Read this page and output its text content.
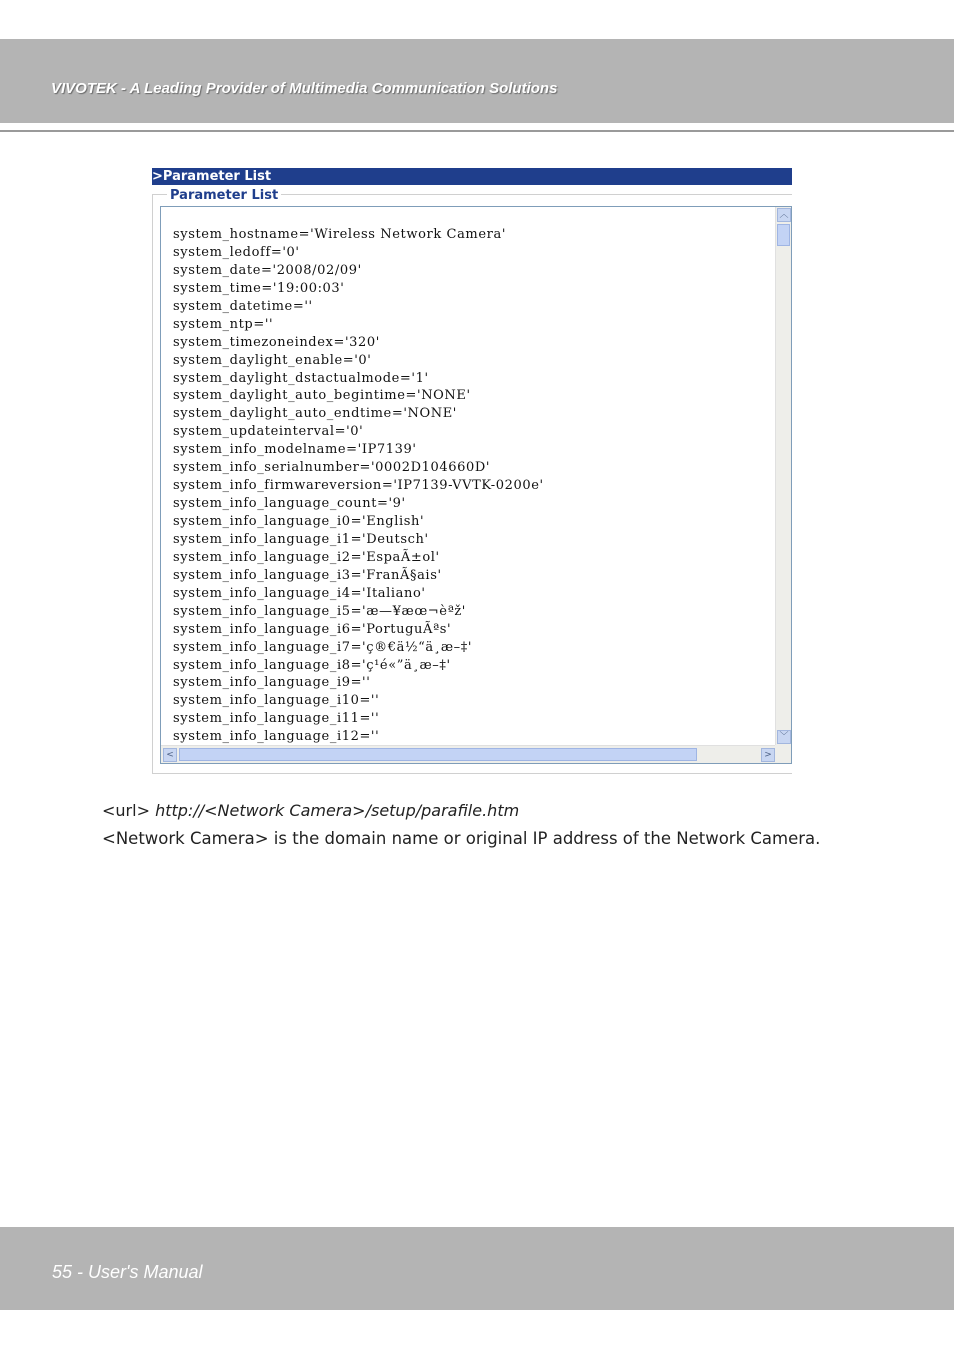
VIVOTEK - A Leading Provider of Multimedia Communication Solutions
>Parameter List
Parameter List
system_hostname='Wireless Network Camera'
system_ledoff='0'
system_date='2008/02/09'
system_time='19:00:03'
system_datetime=''
system_ntp=''
system_timezoneindex='320'
system_daylight_enable='0'
system_daylight_dstactualmode='1'
system_daylight_auto_begintime='NONE'
system_daylight_auto_endtime='NONE'
system_updateinterval='0'
system_info_modelname='IP7139'
system_info_serialnumber='0002D104660D'
system_info_firmwareversion='IP7139-VVTK-0200e'
system_info_language_count='9'
system_info_language_i0='English'
system_info_language_i1='Deutsch'
system_info_language_i2='EspaÃ±ol'
system_info_language_i3='FranÃ§ais'
system_info_language_i4='Italiano'
system_info_language_i5='æ—¥æœ¬èªž'
system_info_language_i6='PortuguÃªs'
system_info_language_i7='ç®€ä½“ä¸æ–‡'
system_info_language_i8='ç¹é«”ä¸æ–‡'
system_info_language_i9=''
system_info_language_i10=''
system_info_language_i11=''
system_info_language_i12=''
︿
﹀
<	>
<url> http://<Network Camera>/setup/parafile.htm
<Network Camera> is the domain name or original IP address of the Network Camera.
55 - User's Manual
